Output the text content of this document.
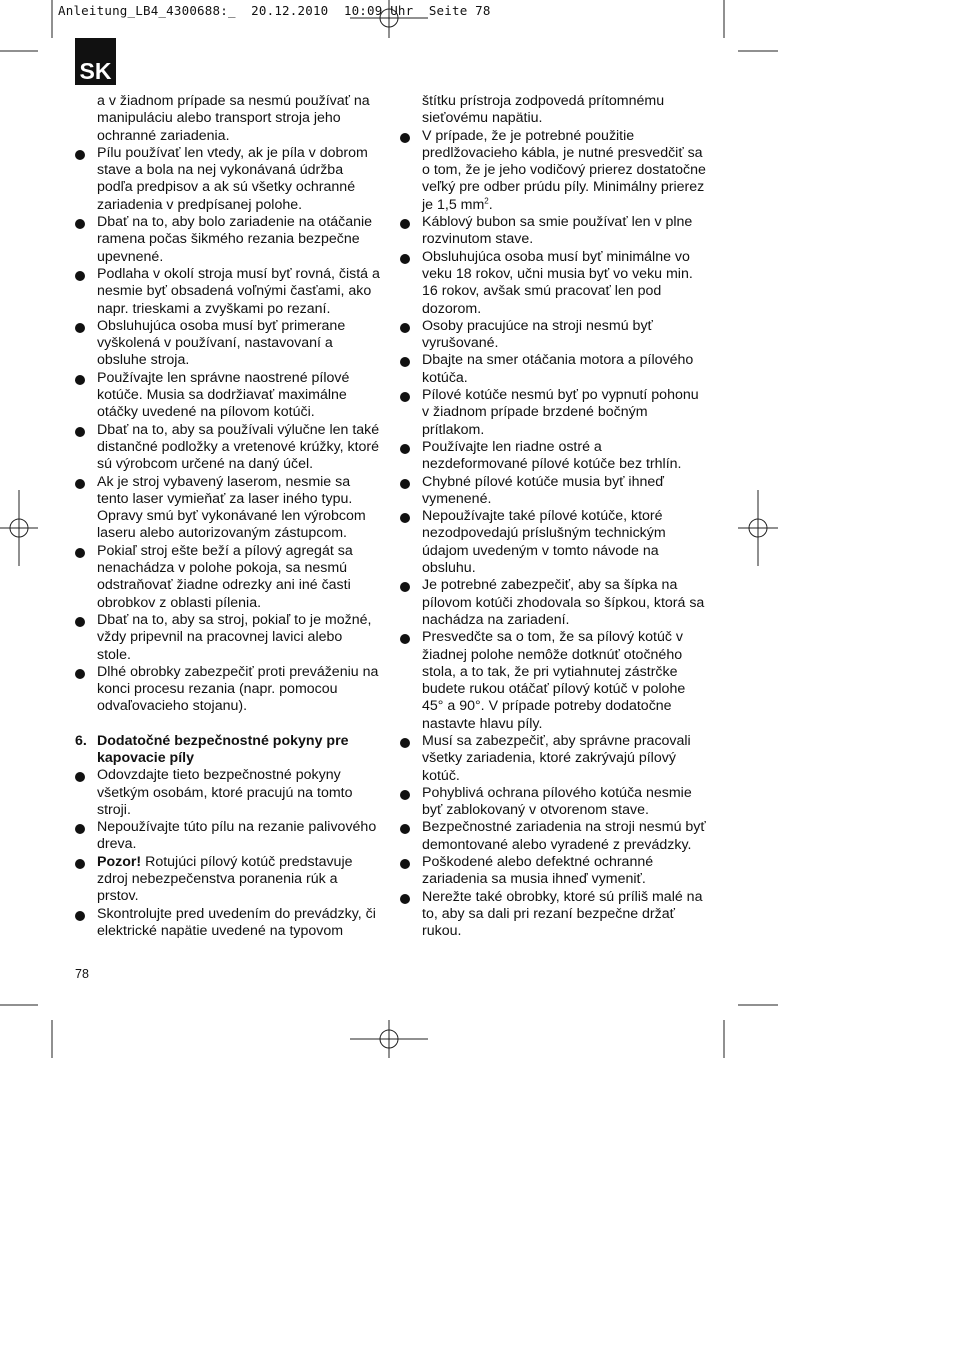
Anleitung_LB4_4300688:_  20.12.2010  10:09 Uhr  Seite 78
SK

a v žiadnom prípade sa nesmú používať na manipuláciu alebo transport stroja jeho ochranné zariadenia.

Pílu používať len vtedy, ak je píla v dobrom stave a bola na nej vykonávaná údržba podľa predpisov a ak sú všetky ochranné zariadenia v predpísanej polohe.
Dbať na to, aby bolo zariadenie na otáčanie ramena počas šikmého rezania bezpečne upevnené.
Podlaha v okolí stroja musí byť rovná, čistá a nesmie byť obsadená voľnými časťami, ako napr. trieskami a zvyškami po rezaní.
Obsluhujúca osoba musí byť primerane vyškolená v používaní, nastavovaní a obsluhe stroja.
Používajte len správne naostrené pílové kotúče. Musia sa dodržiavať maximálne otáčky uvedené na pílovom kotúči.
Dbať na to, aby sa používali výlučne len také distančné podložky a vretenové krúžky, ktoré sú výrobcom určené na daný účel.
Ak je stroj vybavený laserom, nesmie sa tento laser vymieňať za laser iného typu. Opravy smú byť vykonávané len výrobcom laseru alebo autorizovaným zástupcom.
Pokiaľ stroj ešte beží a pílový agregát sa nenachádza v polohe pokoja, sa nesmú odstraňovať žiadne odrezky ani iné časti obrobkov z oblasti pílenia.
Dbať na to, aby sa stroj, pokiaľ to je možné, vždy pripevnil na pracovnej lavici alebo stole.
Dlhé obrobky zabezpečiť proti preváženiu na konci procesu rezania (napr. pomocou odvaľovacieho stojanu).
6. Dodatočné bezpečnostné pokyny pre kapovacie píly
Odovzdajte tieto bezpečnostné pokyny všetkým osobám, ktoré pracujú na tomto stroji.
Nepoužívajte túto pílu na rezanie palivového dreva.
Pozor! Rotujúci pílový kotúč predstavuje zdroj nebezpečenstva poranenia rúk a prstov.
Skontrolujte pred uvedením do prevádzky, či elektrické napätie uvedené na typovom

štítku prístroja zodpovedá prítomnému sieťovému napätiu.

V prípade, že je potrebné použitie predlžovacieho kábla, je nutné presvedčiť sa o tom, že je jeho vodičový prierez dostatočne veľký pre odber prúdu píly. Minimálny prierez je 1,5 $mm^2$.
Káblový bubon sa smie používať len v plne rozvinutom stave.
Obsluhujúca osoba musí byť minimálne vo veku 18 rokov, učni musia byť vo veku min. 16 rokov, avšak smú pracovať len pod dozorom.
Osoby pracujúce na stroji nesmú byť vyrušované.
Dbajte na smer otáčania motora a pílového kotúča.
Pílové kotúče nesmú byť po vypnutí pohonu v žiadnom prípade brzdené bočným prítlakom.
Používajte len riadne ostré a nezdeformované pílové kotúče bez trhlín.
Chybné pílové kotúče musia byť ihneď vymenené.
Nepoužívajte také pílové kotúče, ktoré nezodpovedajú príslušným technickým údajom uvedeným v tomto návode na obsluhu.
Je potrebné zabezpečiť, aby sa šípka na pílovom kotúči zhodovala so šípkou, ktorá sa nachádza na zariadení.
Presvedčte sa o tom, že sa pílový kotúč v žiadnej polohe nemôže dotknúť otočného stola, a to tak, že pri vytiahnutej zástrčke budete rukou otáčať pílový kotúč v polohe 45° a 90°. V prípade potreby dodatočne nastavte hlavu píly.
Musí sa zabezpečiť, aby správne pracovali všetky zariadenia, ktoré zakrývajú pílový kotúč.
Pohyblivá ochrana pílového kotúča nesmie byť zablokovaný v otvorenom stave.
Bezpečnostné zariadenia na stroji nesmú byť demontované alebo vyradené z prevádzky.
Poškodené alebo defektné ochranné zariadenia sa musia ihneď vymeniť.
Nerežte také obrobky, ktoré sú príliš malé na to, aby sa dali pri rezaní bezpečne držať rukou.
78
